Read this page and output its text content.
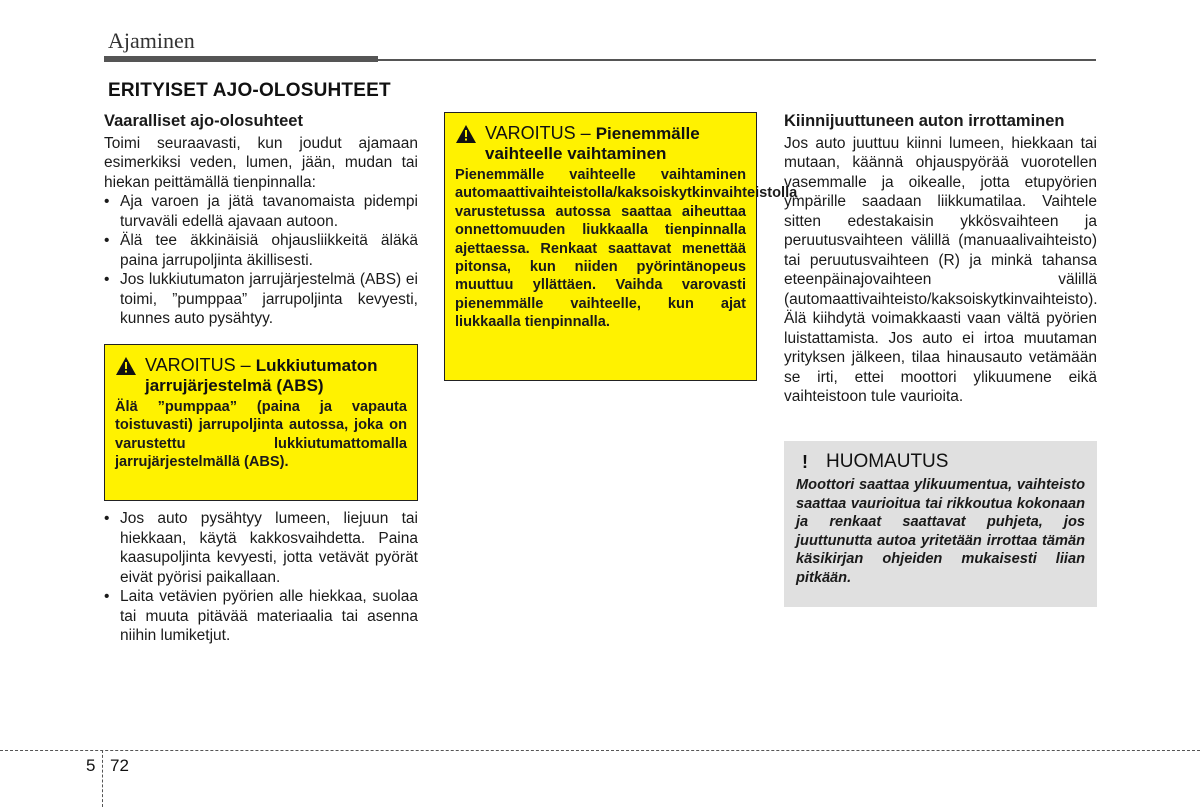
Ajaminen
ERITYISET AJO-OLOSUHTEET
Vaaralliset ajo-olosuhteet

Toimi seuraavasti, kun joudut ajamaan esimerkiksi veden, lumen, jään, mudan tai hiekan peittämällä tienpinnalla:

• Aja varoen ja jätä tavanomaista pidempi turvaväli edellä ajavaan autoon.
• Älä tee äkkinäisiä ohjausliikkeitä äläkä paina jarrupoljinta äkillisesti.
• Jos lukkiutumaton jarrujärjestelmä (ABS) ei toimi, ”pumppaa” jarrupoljinta kevyesti, kunnes auto pysähtyy.
VAROITUS – Lukkiutumaton jarrujärjestelmä (ABS)
Älä ”pumppaa” (paina ja vapauta toistuvasti) jarrupoljinta autossa, joka on varustettu lukkiutumattomalla jarrujärjestelmällä (ABS).
• Jos auto pysähtyy lumeen, liejuun tai hiekkaan, käytä kakkosvaihdetta. Paina kaasupoljinta kevyesti, jotta vetävät pyörät eivät pyörisi paikallaan.
• Laita vetävien pyörien alle hiekkaa, suolaa tai muuta pitävää materiaalia tai asenna niihin lumiketjut.
VAROITUS – Pienemmälle vaihteelle vaihtaminen
Pienemmälle vaihteelle vaihtaminen automaattivaihteistolla/kaksoiskytkinvaihteistolla varustetussa autossa saattaa aiheuttaa onnettomuuden liukkaalla tienpinnalla ajettaessa. Renkaat saattavat menettää pitonsa, kun niiden pyörintänopeus muuttuu yllättäen. Vaihda varovasti pienemmälle vaihteelle, kun ajat liukkaalla tienpinnalla.
Kiinnijuuttuneen auton irrottaminen

Jos auto juuttuu kiinni lumeen, hiekkaan tai mutaan, käännä ohjauspyörää vuorotellen vasemmalle ja oikealle, jotta etupyörien ympärille saadaan liikkumatilaa. Vaihtele sitten edestakaisin ykkösvaihteen ja peruutusvaihteen välillä (manuaalivaihteisto) tai peruutusvaihteen (R) ja minkä tahansa eteenpäinajovaihteen välillä (automaattivaihteisto/kaksoiskytkinvaihteisto). Älä kiihdytä voimakkaasti vaan vältä pyörien luistattamista. Jos auto ei irtoa muutaman yrityksen jälkeen, tilaa hinausauto vetämään se irti, ettei moottori ylikuumene eikä vaihteistoon tule vaurioita.

! HUOMAUTUS
Moottori saattaa ylikuumentua, vaihteisto saattaa vaurioitua tai rikkoutua kokonaan ja renkaat saattavat puhjeta, jos juuttunutta autoa yritetään irrottaa tämän käsikirjan ohjeiden mukaisesti liian pitkään.
5 72
